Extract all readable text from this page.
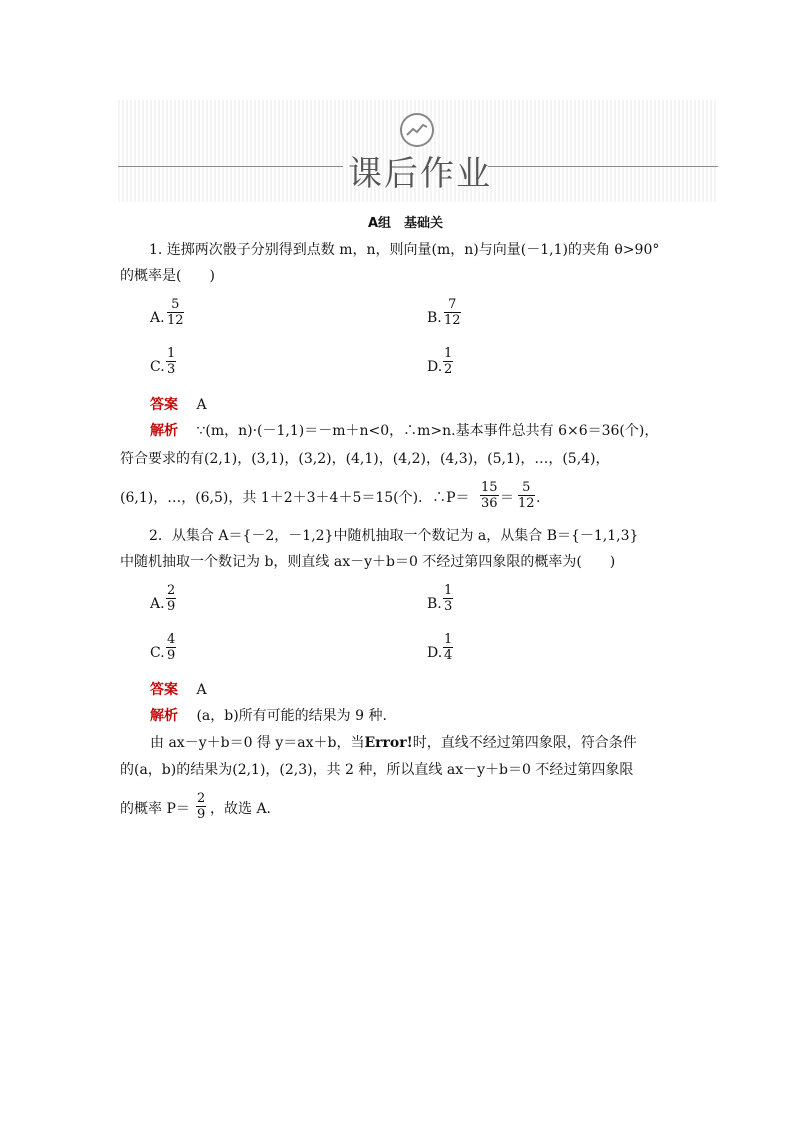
课后作业
A组　基础关
1. 连掷两次骰子分别得到点数 m，n，则向量(m，n)与向量(－1,1)的夹角 θ>90°
的概率是(　　)
A. $\frac{5}{12}$	B. $\frac{7}{12}$
C. $\frac{1}{3}$	D. $\frac{1}{2}$
答案 A
解析 ∵(m，n)·(－1,1)＝－m＋n<0，∴m>n.基本事件总共有 6×6＝36(个)，
符合要求的有(2,1)，(3,1)，(3,2)，(4,1)，(4,2)，(4,3)，(5,1)，…，(5,4)，
(6,1)，…，(6,5)，共 1＋2＋3＋4＋5＝15(个)．∴P＝ $\frac{15}{36} = \frac{5}{12}$ .
2．从集合 A＝{－2，－1,2}中随机抽取一个数记为 a，从集合 B＝{－1,1,3}
中随机抽取一个数记为 b，则直线 ax－y＋b＝0 不经过第四象限的概率为(　　)
A. $\frac{2}{9}$	B. $\frac{1}{3}$
C. $\frac{4}{9}$	D. $\frac{1}{4}$
答案 A
解析 (a，b)所有可能的结果为 9 种.
由 ax－y＋b＝0 得 y＝ax＋b，当Error!时，直线不经过第四象限，符合条件
的(a，b)的结果为(2,1)，(2,3)，共 2 种，所以直线 ax－y＋b＝0 不经过第四象限
的概率 $P= \frac{2}{9}$ ，故选 A.
